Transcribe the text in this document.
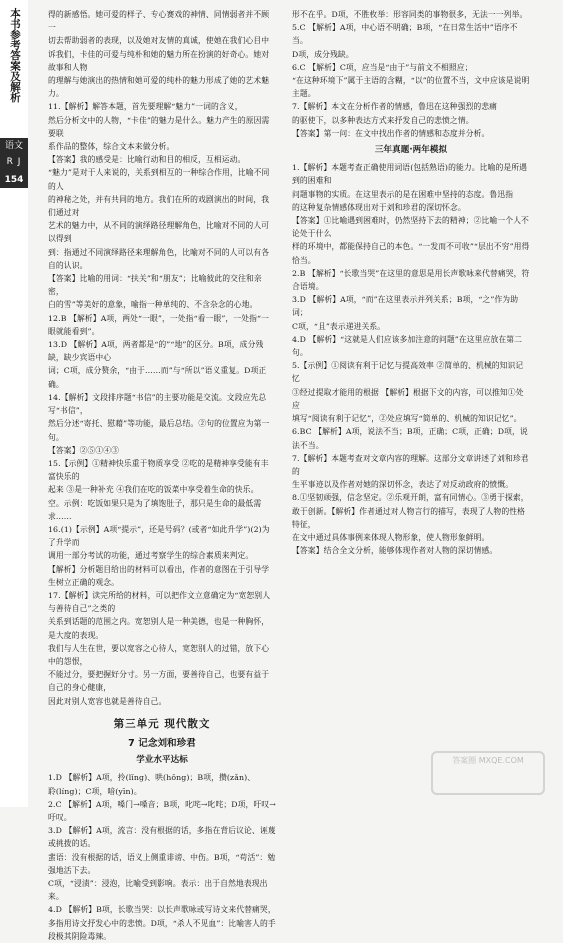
本书参考答案及解析
语文
R J
154

得的新感悟。她可爱的样子、专心赛戏的神情、同情弱者并不顾一

切去帮助弱者的表现，以及她对友情的真诚，使她在我们心目中

诉我们，卡佳的可爱与纯朴和她的魅力所在扮演的好奇心。她对故事和人物

的理解与她演出的热情和她可爱的纯朴的魅力形成了她的艺术魅力。

11.【解析】解答本题，首先要理解“魅力”一词的含义，

然后分析文中的人物，“卡佳”的魅力是什么。魅力产生的原因需要联

系作品的整体，综合文本来做分析。

【答案】我的感受是：比喻行动和目的相反，互相运动。

“魅力”是对于人来说的，关系到相互的一种综合作用，比喻不同的人

的神秘之处，并有共同的地方。我们在所的戏剧演出的时间，我们通过对

艺术的魅力中，从不同的演绎路径理解角色，比喻对不同的人可以得到

到：指通过不同演绎路径来理解角色，比喻对不同的人可以有各自的认识。

【答案】比喻的用词：“扶关”和“朋友”；比喻彼此的交往和亲密，

白的雪”等美好的意象，喻指一种单纯的、不含杂念的心地。

12.B 【解析】A项，两处“一眼”，一处指“看一眼”，一处指“一眼就能看到”。

13.D 【解析】A项，两者都是“的”“地”的区分。B项，成分残缺，缺少宾语中心

词；C项，成分赘余，“由于……而”与“所以”语义重复。D项正确。

14.【解析】文段排序题“书信”的主要功能是交流。文段应先总写“书信”，

然后分述“寄托、慰藉”等功能，最后总结。②句的位置应为第一句。

【答案】②⑤①④③

15.【示例】①精神快乐重于物质享受 ②吃的是精神享受能有丰富快乐的

起来 ③是一种补充 ④我们在吃的饭菜中享受着生命的快乐。

空。示例：吃饭如果只是为了填饱肚子，那只是生命的最低需求……

16.(1)【示例】A项“提示”，还是号码？(或者“如此升学”)(2)为了升学而

调用一部分考试的功能，通过考察学生的综合素质来判定。

【解析】分析题目给出的材料可以看出，作者的意图在于引导学生树立正确的观念。

17.【解析】读完所给的材料，可以把作文立意确定为“宽恕别人与善待自己”之类的

关系到话题的范围之内。宽恕别人是一种美德，也是一种胸怀，是大度的表现。

我们与人生在世，要以宽容之心待人，宽恕别人的过错，放下心中的怨恨，

不能过分，要把握好分寸。另一方面，要善待自己，也要有益于自己的身心健康，

因此对别人宽容也就是善待自己。

第三单元 现代散文
7 记念刘和珍君
学业水平达标

1.D 【解析】A项，拎(lǐng)、哄(hǒng)；B项，攒(zǎn)、

聆(líng)；C项，喑(yīn)。

2.C 【解析】A项，嗓门→嗓音；B项，叱咤→叱咤；D项，吁叹→吁叹。

3.D 【解析】A项，流言：没有根据的话，多指在背后议论、诬蔑或挑拨的话。

蜚语：没有根据的话，语义上侧重诽谤、中伤。B项，“苟活”：勉强地活下去。

C项，“浸渍”：浸泡，比喻受到影响。表示：出于自然地表现出来。

4.D 【解析】B项，长歌当哭：以长声歌咏或写诗文来代替痛哭，

多指用诗文抒发心中的悲愤。D项，“杀人不见血”：比喻害人的手段极其阴险毒辣。

形不在乎。D项，不胜枚举：形容同类的事物很多，无法一一列举。

5.C 【解析】A项，中心语不明确；B项，“在日常生活中”语序不当。

D项，成分残缺。

6.C 【解析】C项，应当是“由于”与前文不相照应；

“在这种环境下”属于主语的含糊，“以”的位置不当，文中应该是说明主题。

7.【解析】本文在分析作者的情感，鲁迅在这种强烈的悲痛

的驱使下，以多种表达方式来抒发自己的悲愤之情。

【答案】第一问：在文中找出作者的情感和态度并分析。

三年真题·两年模拟

1.【解析】本题考查正确使用词语(包括熟语)的能力。比喻的是所遇到的困难和

问题事物的实质。在这里表示的是在困难中坚持的态度。鲁迅指

的这种复杂情感体现出对于刘和珍君的深切怀念。

【答案】①比喻遇到困难时，仍然坚持下去的精神；②比喻一个人不论处于什么

样的环境中，都能保持自己的本色。“一发而不可收”“层出不穷”用得恰当。

2.B 【解析】“长歌当哭”在这里的意思是用长声歌咏来代替痛哭，符合语境。

3.D 【解析】A项，“而”在这里表示并列关系；B项，“之”作为助词；

C项，“且”表示递进关系。

4.D 【解析】“这就是人们应该多加注意的问题”在这里应放在第二句。

5.【示例】①阅读有利于记忆与提高效率 ②简单的、机械的知识记忆

③经过提取才能用的根据 【解析】根据下文的内容，可以推知①处应

填写“阅读有利于记忆”，②处应填写“简单的、机械的知识记忆”。

6.BC 【解析】A项，说法不当；B项，正确；C项，正确；D项，说法不当。

7.【解析】本题考查对文章内容的理解。这部分文章讲述了刘和珍君的

生平事迹以及作者对她的深切怀念，表达了对反动政府的愤慨。

8.①坚韧顽强，信念坚定。②乐观开朗，富有同情心。③勇于探索，

敢于创新。【解析】作者通过对人物言行的描写，表现了人物的性格特征，

在文中通过具体事例来体现人物形象，使人物形象鲜明。

【答案】结合全文分析，能够体现作者对人物的深切情感。

答案圈 MXQE.COM
